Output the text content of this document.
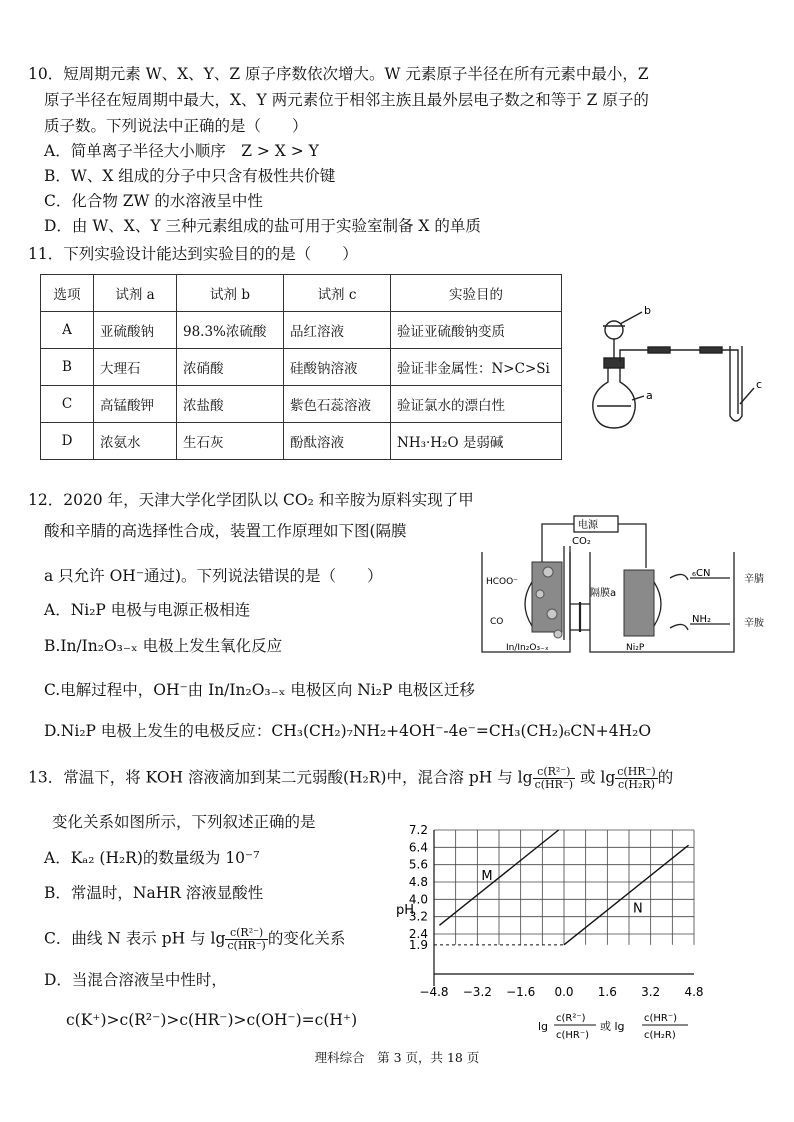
10．短周期元素 W、X、Y、Z 原子序数依次增大。W 元素原子半径在所有元素中最小，Z
原子半径在短周期中最大，X、Y 两元素位于相邻主族且最外层电子数之和等于 Z 原子的
质子数。下列说法中正确的是（　　）
A．简单离子半径大小顺序　Z > X > Y
B．W、X 组成的分子中只含有极性共价键
C．化合物 ZW 的水溶液呈中性
D．由 W、X、Y 三种元素组成的盐可用于实验室制备 X 的单质
11．下列实验设计能达到实验目的的是（　　）
选项	试剂 a	试剂 b	试剂 c	实验目的
A	亚硫酸钠	98.3%浓硫酸	品红溶液	验证亚硫酸钠变质
B	大理石	浓硝酸	硅酸钠溶液	验证非金属性：N>C>Si
C	高锰酸钾	浓盐酸	紫色石蕊溶液	验证氯水的漂白性
D	浓氨水	生石灰	酚酞溶液	NH₃·H₂O 是弱碱
b
a
c
12．2020 年，天津大学化学团队以 CO₂ 和辛胺为原料实现了甲
酸和辛腈的高选择性合成，装置工作原理如下图(隔膜
a 只允许 OH⁻通过)。下列说法错误的是（　　）
A．Ni₂P 电极与电源正极相连
B.In/In₂O₃₋ₓ 电极上发生氧化反应
C.电解过程中，OH⁻由 In/In₂O₃₋ₓ 电极区向 Ni₂P 电极区迁移
D.Ni₂P 电极上发生的电极反应：CH₃(CH₂)₇NH₂+4OH⁻-4e⁻=CH₃(CH₂)₆CN+4H₂O
电源
CO₂
隔膜a
HCOO⁻
CO
In/In₂O₃₋ₓ	Ni₂P
₆CN
辛腈
NH₂	辛胺
13．常温下，将 KOH 溶液滴加到某二元弱酸(H₂R)中，混合溶 pH 与 $\lg \frac{\text{c(R²⁻)}}{c(HR^-)}$ 或 $\lg \frac{c(HR^-)}{\text{c(H₂R)}}$ 的
变化关系如图所示，下列叙述正确的是
A．Kₐ₂ (H₂R)的数量级为 10⁻⁷
B．常温时，NaHR 溶液显酸性
C．曲线 N 表示 pH 与 $\lg \frac{\text{c(R²⁻)}}{c(HR^-)}$ 的变化关系
D．当混合溶液呈中性时，
c(K⁺)>c(R²⁻)>c(HR⁻)>c(OH⁻)=c(H⁺)
M
N
1.9
2.4
3.2
4.0
4.8
5.6
6.4
7.2
−4.8 −3.2 −1.6 0.0 1.6 3.2 4.8
pH
lg
c(R²⁻)
c(HR⁻)
或 lg
c(HR⁻)
c(H₂R)
理科综合　第 3 页，共 18 页
